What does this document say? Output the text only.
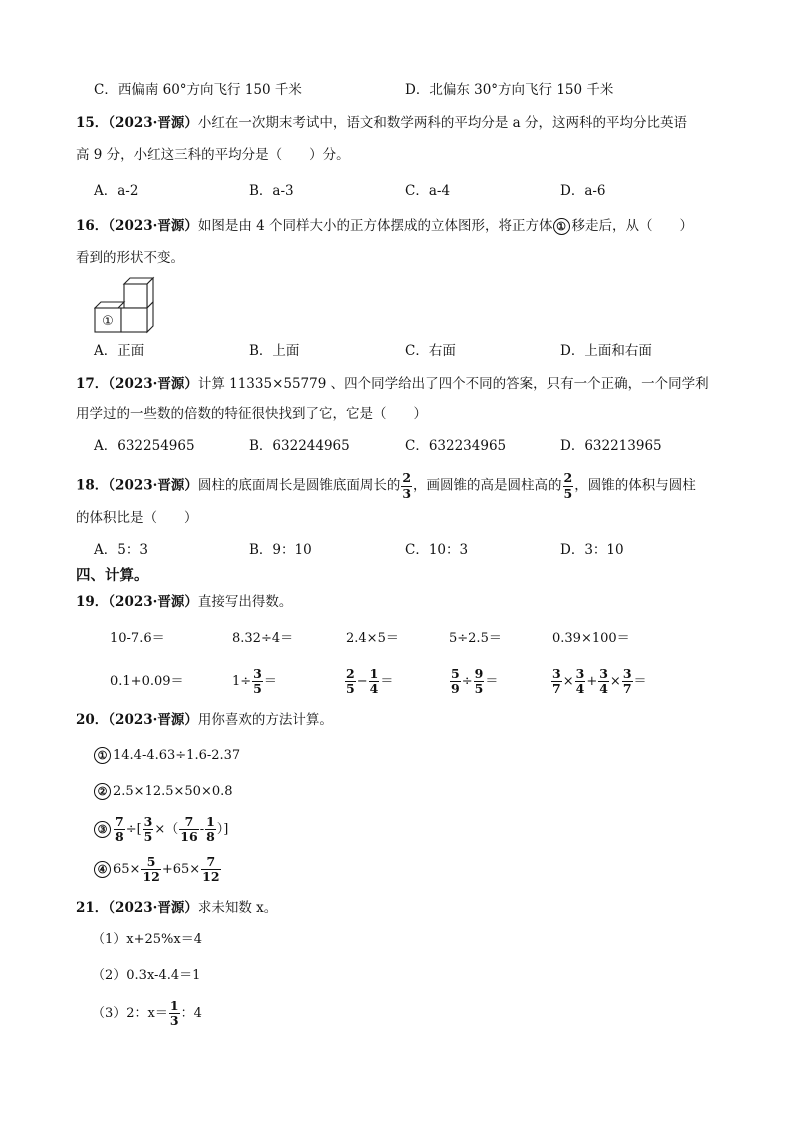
C．西偏南 60°方向飞行 150 千米	D．北偏东 30°方向飞行 150 千米
15．（2023·晋源）小红在一次期末考试中，语文和数学两科的平均分是 a 分，这两科的平均分比英语
高 9 分，小红这三科的平均分是（　　）分。
A．a-2	B．a-3	C．a-4	D．a-6
16．（2023·晋源）如图是由 4 个同样大小的正方体摆成的立体图形，将正方体 ① 移走后，从（　　）
看到的形状不变。
①
A．正面	B．上面	C．右面	D．上面和右面
17．（2023·晋源）计算 11335×55779 、四个同学给出了四个不同的答案，只有一个正确，一个同学利
用学过的一些数的倍数的特征很快找到了它，它是（　　）
A．632254965	B．632244965	C．632234965	D．632213965
18．（2023·晋源）圆柱的底面周长是圆锥底面周长的 $\frac{2}{3}$ ，画圆锥的高是圆柱高的 $\frac{2}{5}$ ，圆锥的体积与圆柱
的体积比是（　　）
A．5：3	B．9：10	C．10：3	D．3：10
四、计算。
19．（2023·晋源）直接写出得数。
10-7.6＝	8.32÷4＝	2.4×5＝	5÷2.5＝	0.39×100＝
0.1+0.09＝	$1\div \frac{3}{5}$ ＝	$\frac{2}{5} - \frac{1}{4}$ ＝	$\frac{5}{9} \div \frac{9}{5}$ ＝	$\frac{3}{7} \times \frac{3}{4} + \frac{3}{4} \times \frac{3}{7}$ ＝
20．（2023·晋源）用你喜欢的方法计算。
① 14.4-4.63÷1.6-2.37
② 2.5×12.5×50×0.8
③ $\frac{7}{8}$ ÷[ $\frac{3}{5}$ ×（ $\frac{7}{16} - \frac{1}{8}$ ）]
④ $65\times \frac{5}{12} +65\times \frac{7}{12}$
21．（2023·晋源）求未知数 x。
（1）x+25%x＝4
（2）0.3x-4.4＝1
（3）2：$x= \frac{1}{3}$ ：4
